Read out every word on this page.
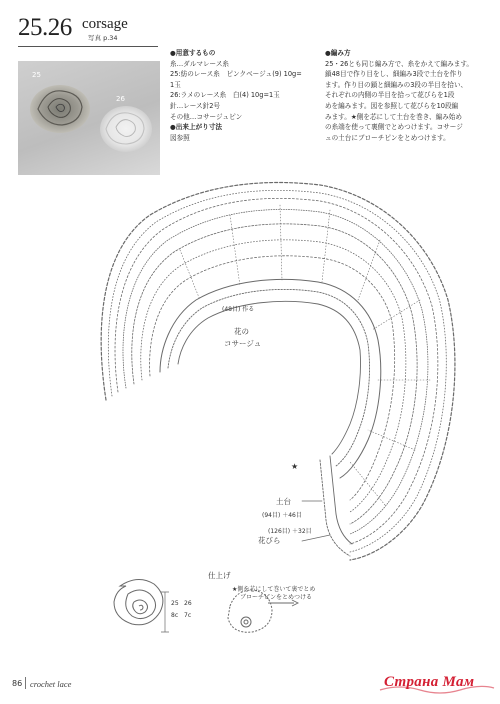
25.26 corsage
写真 p.34
25
26
●用意するもの
糸…ダルマレース糸
25:紡のレース糸　ピンクベージュ(9) 10g=
1玉
26:ラメのレース糸　白(4) 10g=1玉
針…レース針2号
その他…コサージュピン
●出来上がり寸法
図参照
●編み方
25・26とも同じ編み方で、糸をかえて編みます。
鎖48目で作り目をし、細編み3段で土台を作り
ます。作り目の鎖と細編みの3段の半目を拾い、
それぞれの内側の半目を拾って花びらを1段
めを編みます。図を参照して花びらを10段編
みます。★側を芯にして土台を巻き、編み始め
の糸端を使って裏側でとめつけます。コサージ
ュの土台にブローチピンをとめつけます。
(48目) 作る
花の
コサージュ
★
土台
(94目) ＋46目
花びら
(126目) ＋32目
仕上げ
★側を芯にして巻いて裏でとめ
ブローチピンをとめつける
25 26
8c 7c
86 crochet lace	Страна Мам
